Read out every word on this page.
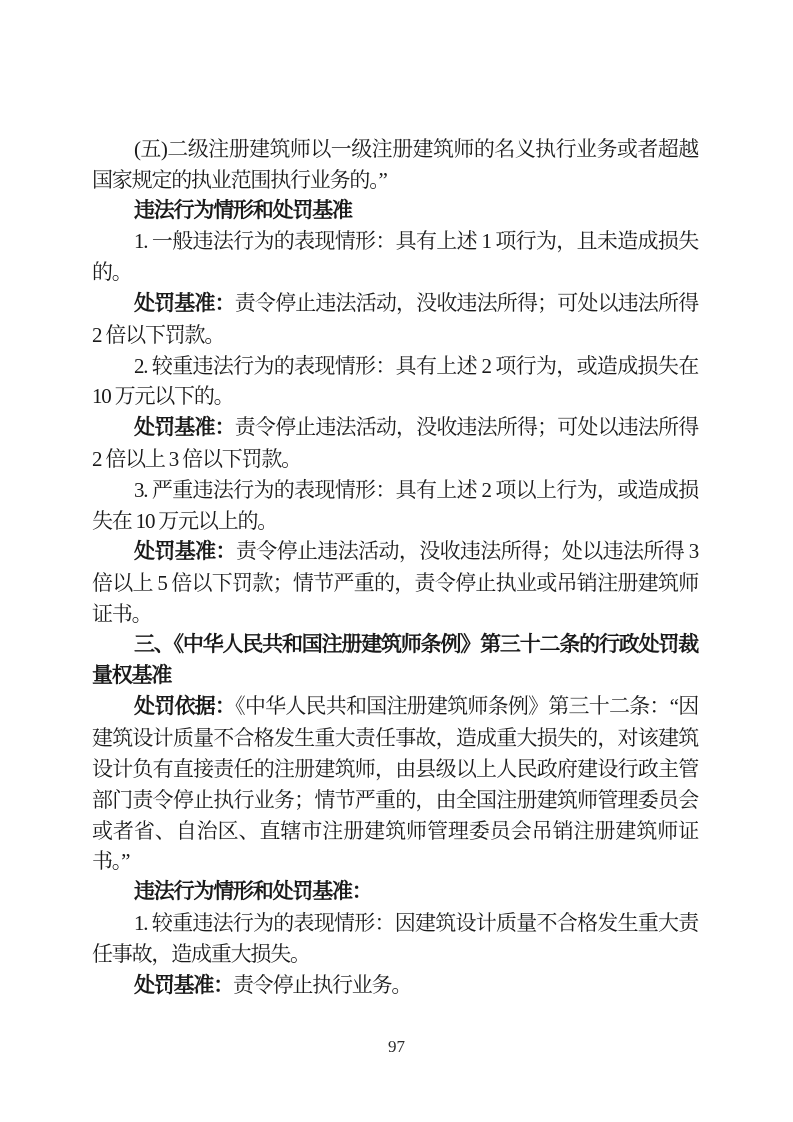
(五)二级注册建筑师以一级注册建筑师的名义执行业务或者超越国家规定的执业范围执行业务的。”

违法行为情形和处罚基准

1. 一般违法行为的表现情形：具有上述 1 项行为，且未造成损失的。

处罚基准：责令停止违法活动，没收违法所得；可处以违法所得 2 倍以下罚款。

2. 较重违法行为的表现情形：具有上述 2 项行为，或造成损失在 10 万元以下的。

处罚基准：责令停止违法活动，没收违法所得；可处以违法所得 2 倍以上 3 倍以下罚款。

3. 严重违法行为的表现情形：具有上述 2 项以上行为，或造成损失在 10 万元以上的。

处罚基准：责令停止违法活动，没收违法所得；处以违法所得 3 倍以上 5 倍以下罚款；情节严重的，责令停止执业或吊销注册建筑师证书。

三、《中华人民共和国注册建筑师条例》第三十二条的行政处罚裁量权基准

处罚依据：《中华人民共和国注册建筑师条例》第三十二条：“因建筑设计质量不合格发生重大责任事故，造成重大损失的，对该建筑设计负有直接责任的注册建筑师，由县级以上人民政府建设行政主管部门责令停止执行业务；情节严重的，由全国注册建筑师管理委员会或者省、自治区、直辖市注册建筑师管理委员会吊销注册建筑师证书。”

违法行为情形和处罚基准：

1. 较重违法行为的表现情形：因建筑设计质量不合格发生重大责任事故，造成重大损失。

处罚基准：责令停止执行业务。

97
